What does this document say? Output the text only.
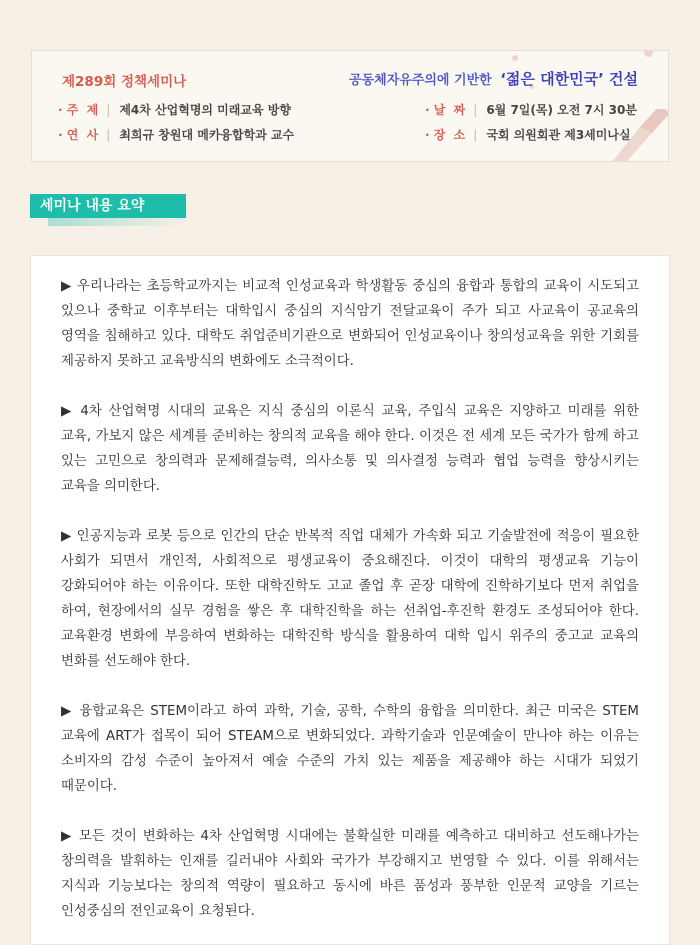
제289회 정책세미나	공동체자유주의에 기반한 ‘젊은 대한민국’ 건설
· 주  제 | 제4차 산업혁명의 미래교육 방향
· 연  사 | 최희규 창원대 메카융합학과 교수
· 날  짜 | 6월 7일(목) 오전 7시 30분
· 장  소 | 국회 의원회관 제3세미나실
세미나 내용 요약

▶ 우리나라는 초등학교까지는 비교적 인성교육과 학생활동 중심의 융합과 통합의 교육이 시도되고 있으나 중학교 이후부터는 대학입시 중심의 지식암기 전달교육이 주가 되고 사교육이 공교육의 영역을 침해하고 있다. 대학도 취업준비기관으로 변화되어 인성교육이나 창의성교육을 위한 기회를 제공하지 못하고 교육방식의 변화에도 소극적이다.

▶ 4차 산업혁명 시대의 교육은 지식 중심의 이론식 교육, 주입식 교육은 지양하고 미래를 위한 교육, 가보지 않은 세계를 준비하는 창의적 교육을 해야 한다. 이것은 전 세계 모든 국가가 함께 하고 있는 고민으로 창의력과 문제해결능력, 의사소통 및 의사결정 능력과 협업 능력을 향상시키는 교육을 의미한다.

▶ 인공지능과 로봇 등으로 인간의 단순 반복적 직업 대체가 가속화 되고 기술발전에 적응이 필요한 사회가 되면서 개인적, 사회적으로 평생교육이 중요해진다. 이것이 대학의 평생교육 기능이 강화되어야 하는 이유이다. 또한 대학진학도 고교 졸업 후 곧장 대학에 진학하기보다 먼저 취업을 하여, 현장에서의 실무 경험을 쌓은 후 대학진학을 하는 선취업-후진학 환경도 조성되어야 한다. 교육환경 변화에 부응하여 변화하는 대학진학 방식을 활용하여 대학 입시 위주의 중고교 교육의 변화를 선도해야 한다.

▶ 융합교육은 STEM이라고 하여 과학, 기술, 공학, 수학의 융합을 의미한다. 최근 미국은 STEM 교육에 ART가 접목이 되어 STEAM으로 변화되었다. 과학기술과 인문예술이 만나야 하는 이유는 소비자의 감성 수준이 높아져서 예술 수준의 가치 있는 제품을 제공해야 하는 시대가 되었기 때문이다.

▶ 모든 것이 변화하는 4차 산업혁명 시대에는 불확실한 미래를 예측하고 대비하고 선도해나가는 창의력을 발휘하는 인재를 길러내야 사회와 국가가 부강해지고 번영할 수 있다. 이를 위해서는 지식과 기능보다는 창의적 역량이 필요하고 동시에 바른 품성과 풍부한 인문적 교양을 기르는 인성중심의 전인교육이 요청된다.
